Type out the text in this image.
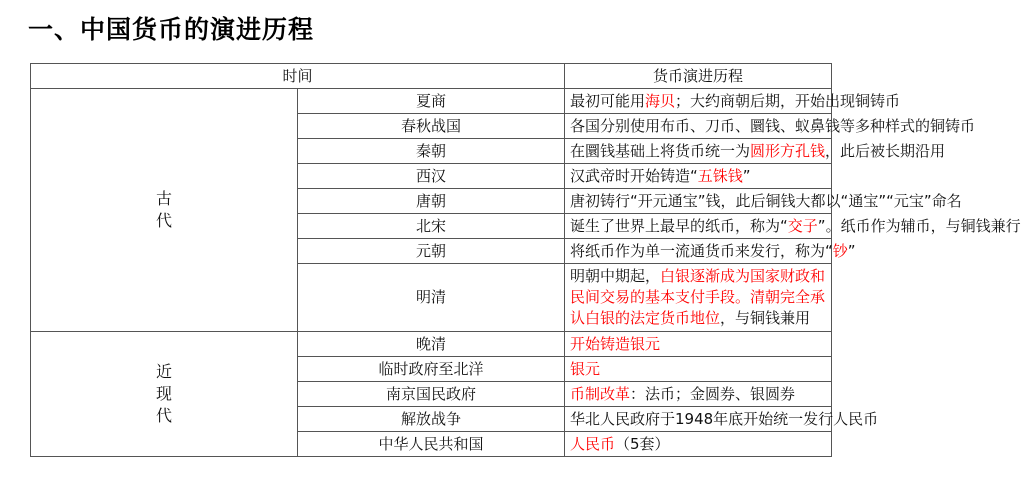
一、中国货币的演进历程
时间		货币演进历程

古
代	夏商	最初可能用海贝；大约商朝后期，开始出现铜铸币
	春秋战国	各国分别使用布币、刀币、圜钱、蚁鼻钱等多种样式的铜铸币
	秦朝	在圜钱基础上将货币统一为圆形方孔钱，此后被长期沿用
	西汉	汉武帝时开始铸造“五铢钱”
	唐朝	唐初铸行“开元通宝”钱，此后铜钱大都以“通宝”“元宝”命名
	北宋	诞生了世界上最早的纸币，称为“交子”。纸币作为辅币，与铜钱兼行
	元朝	将纸币作为单一流通货币来发行，称为“钞”
	明清	明朝中期起，白银逐渐成为国家财政和民间交易的基本支付手段。清朝完全承认白银的法定货币地位，与铜钱兼用

近
现
代	晚清	开始铸造银元
	临时政府至北洋	银元
	南京国民政府	币制改革：法币；金圆券、银圆券
	解放战争	华北人民政府于1948年底开始统一发行人民币
	中华人民共和国	人民币（5套）
